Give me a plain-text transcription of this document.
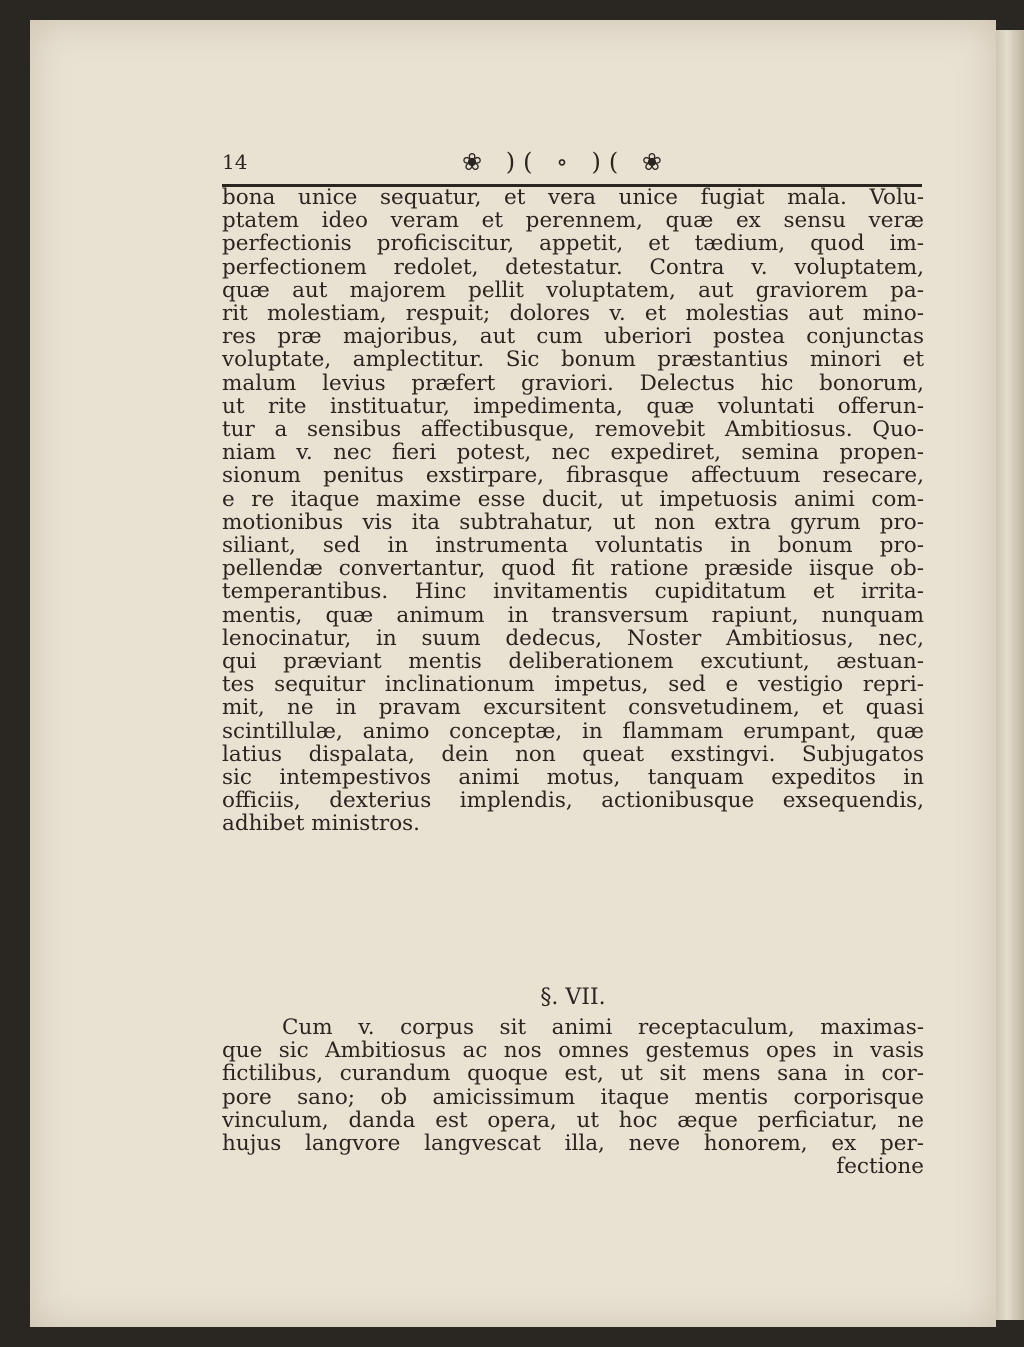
14	❀ )( ∘ )( ❀
bona unice sequatur, et vera unice fugiat mala. Volu-
ptatem ideo veram et perennem, quæ ex sensu veræ
perfectionis proficiscitur, appetit, et tædium, quod im-
perfectionem redolet, detestatur. Contra v. voluptatem,
quæ aut majorem pellit voluptatem, aut graviorem pa-
rit molestiam, respuit; dolores v. et molestias aut mino-
res præ majoribus, aut cum uberiori postea conjunctas
voluptate, amplectitur. Sic bonum præstantius minori et
malum levius præfert graviori. Delectus hic bonorum,
ut rite instituatur, impedimenta, quæ voluntati offerun-
tur a sensibus affectibusque, removebit Ambitiosus. Quo-
niam v. nec fieri potest, nec expediret, semina propen-
sionum penitus exstirpare, fibrasque affectuum resecare,
e re itaque maxime esse ducit, ut impetuosis animi com-
motionibus vis ita subtrahatur, ut non extra gyrum pro-
siliant, sed in instrumenta voluntatis in bonum pro-
pellendæ convertantur, quod fit ratione præside iisque ob-
temperantibus. Hinc invitamentis cupiditatum et irrita-
mentis, quæ animum in transversum rapiunt, nunquam
lenocinatur, in suum dedecus, Noster Ambitiosus, nec,
qui præviant mentis deliberationem excutiunt, æstuan-
tes sequitur inclinationum impetus, sed e vestigio repri-
mit, ne in pravam excursitent consvetudinem, et quasi
scintillulæ, animo conceptæ, in flammam erumpant, quæ
latius dispalata, dein non queat exstingvi. Subjugatos
sic intempestivos animi motus, tanquam expeditos in
officiis, dexterius implendis, actionibusque exsequendis,
adhibet ministros.
§. VII.
Cum v. corpus sit animi receptaculum, maximas-
que sic Ambitiosus ac nos omnes gestemus opes in vasis
fictilibus, curandum quoque est, ut sit mens sana in cor-
pore sano; ob amicissimum itaque mentis corporisque
vinculum, danda est opera, ut hoc æque perficiatur, ne
hujus langvore langvescat illa, neve honorem, ex per-
fectione
